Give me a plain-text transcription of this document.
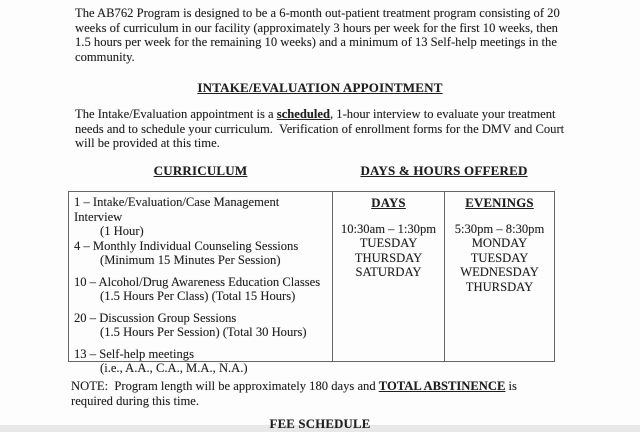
The AB762 Program is designed to be a 6-month out-patient treatment program consisting of 20
weeks of curriculum in our facility (approximately 3 hours per week for the first 10 weeks, then
1.5 hours per week for the remaining 10 weeks) and a minimum of 13 Self-help meetings in the
community.
INTAKE/EVALUATION APPOINTMENT
The Intake/Evaluation appointment is a scheduled, 1-hour interview to evaluate your treatment
needs and to schedule your curriculum.  Verification of enrollment forms for the DMV and Court
will be provided at this time.
CURRICULUM	DAYS & HOURS OFFERED
1 – Intake/Evaluation/Case Management Interview
(1 Hour)
4 – Monthly Individual Counseling Sessions
(Minimum 15 Minutes Per Session)
10 – Alcohol/Drug Awareness Education Classes
(1.5 Hours Per Class) (Total 15 Hours)
20 – Discussion Group Sessions
(1.5 Hours Per Session) (Total 30 Hours)
13 – Self-help meetings
(i.e., A.A., C.A., M.A., N.A.)
DAYS
10:30am – 1:30pm
TUESDAY
THURSDAY
SATURDAY
EVENINGS
5:30pm – 8:30pm
MONDAY
TUESDAY
WEDNESDAY
THURSDAY
NOTE:  Program length will be approximately 180 days and TOTAL ABSTINENCE is
required during this time.
FEE SCHEDULE
